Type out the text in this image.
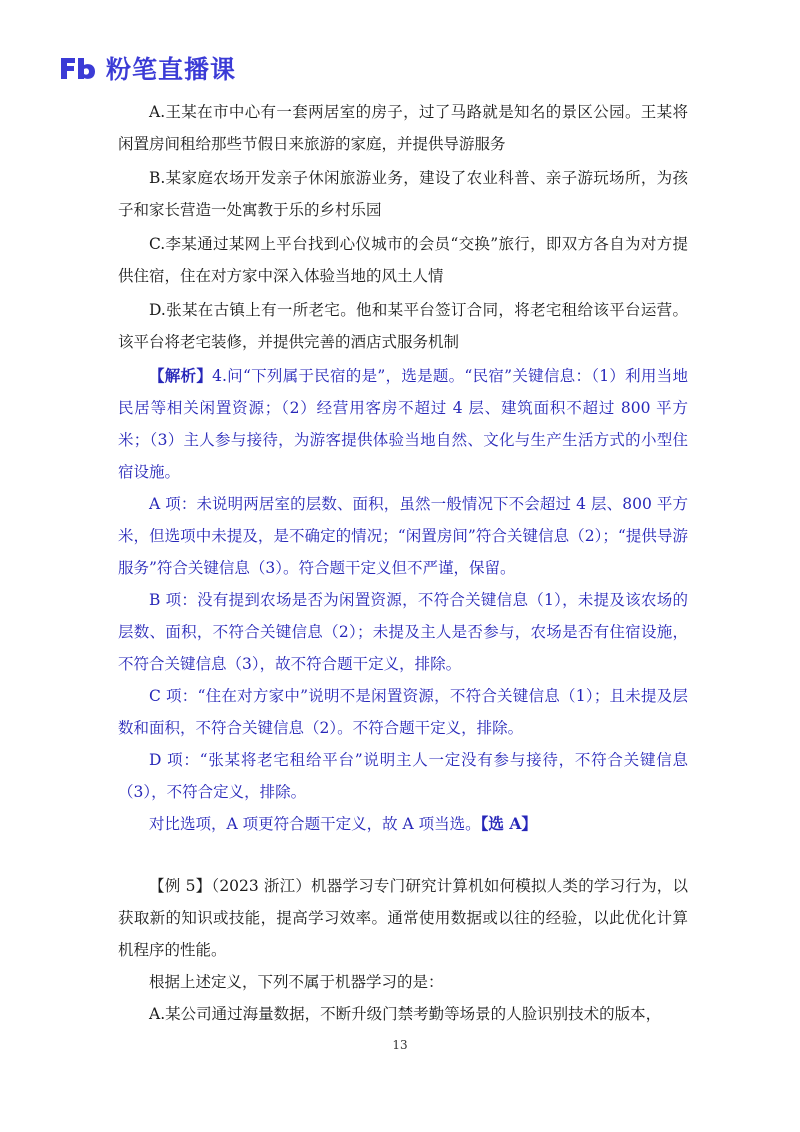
粉笔直播课

A.王某在市中心有一套两居室的房子，过了马路就是知名的景区公园。王某将闲置房间租给那些节假日来旅游的家庭，并提供导游服务

B.某家庭农场开发亲子休闲旅游业务，建设了农业科普、亲子游玩场所，为孩子和家长营造一处寓教于乐的乡村乐园

C.李某通过某网上平台找到心仪城市的会员“交换”旅行，即双方各自为对方提供住宿，住在对方家中深入体验当地的风土人情

D.张某在古镇上有一所老宅。他和某平台签订合同，将老宅租给该平台运营。该平台将老宅装修，并提供完善的酒店式服务机制

【解析】4.问“下列属于民宿的是”，选是题。“民宿”关键信息：（1）利用当地民居等相关闲置资源；（2）经营用客房不超过 4 层、建筑面积不超过 800 平方米；（3）主人参与接待，为游客提供体验当地自然、文化与生产生活方式的小型住宿设施。

A 项：未说明两居室的层数、面积，虽然一般情况下不会超过 4 层、800 平方米，但选项中未提及，是不确定的情况；“闲置房间”符合关键信息（2）；“提供导游服务”符合关键信息（3）。符合题干定义但不严谨，保留。

B 项：没有提到农场是否为闲置资源，不符合关键信息（1），未提及该农场的层数、面积，不符合关键信息（2）；未提及主人是否参与，农场是否有住宿设施，不符合关键信息（3），故不符合题干定义，排除。

C 项：“住在对方家中”说明不是闲置资源，不符合关键信息（1）；且未提及层数和面积，不符合关键信息（2）。不符合题干定义，排除。

D 项：“张某将老宅租给平台”说明主人一定没有参与接待，不符合关键信息（3），不符合定义，排除。

对比选项，A 项更符合题干定义，故 A 项当选。【选 A】

【例 5】（2023 浙江）机器学习专门研究计算机如何模拟人类的学习行为，以获取新的知识或技能，提高学习效率。通常使用数据或以往的经验，以此优化计算机程序的性能。

根据上述定义，下列不属于机器学习的是：

A.某公司通过海量数据，不断升级门禁考勤等场景的人脸识别技术的版本，

13
